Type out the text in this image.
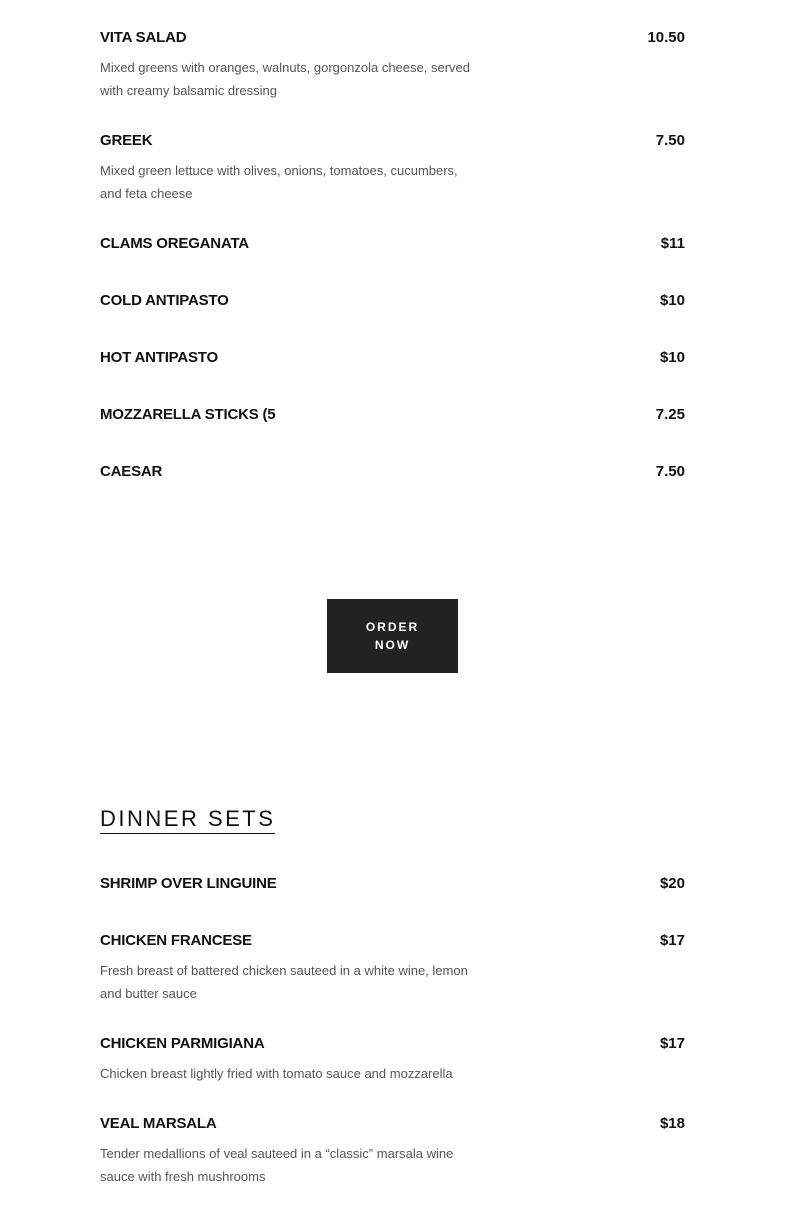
VITA SALAD	10.50
Mixed greens with oranges, walnuts, gorgonzola cheese, served with creamy balsamic dressing
GREEK	7.50
Mixed green lettuce with olives, onions, tomatoes, cucumbers, and feta cheese
CLAMS OREGANATA	$11
COLD ANTIPASTO	$10
HOT ANTIPASTO	$10
MOZZARELLA STICKS (5	7.25
CAESAR	7.50
ORDER
NOW
DINNER SETS
SHRIMP OVER LINGUINE	$20
CHICKEN FRANCESE	$17
Fresh breast of battered chicken sauteed in a white wine, lemon and butter sauce
CHICKEN PARMIGIANA	$17
Chicken breast lightly fried with tomato sauce and mozzarella
VEAL MARSALA	$18
Tender medallions of veal sauteed in a “classic” marsala wine sauce with fresh mushrooms
